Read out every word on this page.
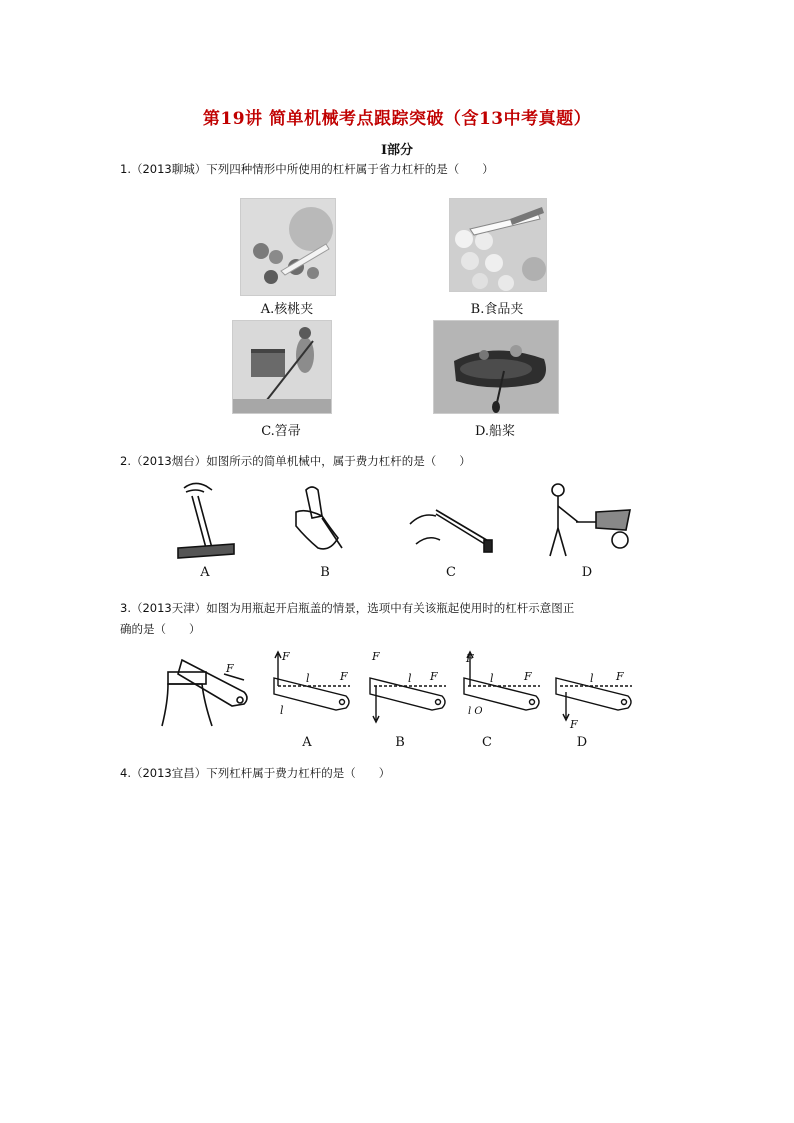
第19讲 简单机械考点跟踪突破（含13中考真题）
Ⅰ部分
1.（2013聊城）下列四种情形中所使用的杠杆属于省力杠杆的是（　　）
A.核桃夹	B.食品夹
C.笤帚	D.船桨
2.（2013烟台）如图所示的简单机械中，属于费力杠杆的是（　　）
A	B	C	D
3.（2013天津）如图为用瓶起开启瓶盖的情景，选项中有关该瓶起使用时的杠杆示意图正
确的是（　　）
F
F
F
l
l
F
F
l
F
F
l
l O
F
l
F
A	B	C	D
4.（2013宜昌）下列杠杆属于费力杠杆的是（　　）
